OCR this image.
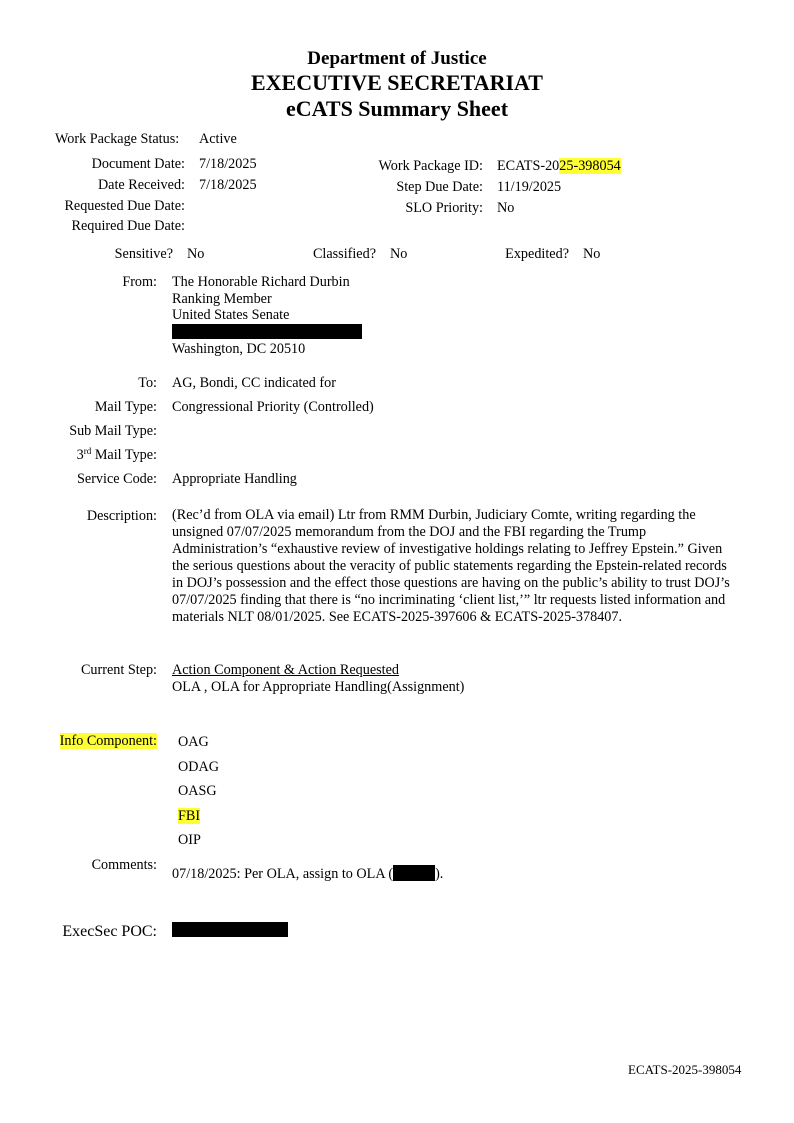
Department of Justice
EXECUTIVE SECRETARIAT
eCATS Summary Sheet
Work Package Status: Active
Document Date: 7/18/2025
Date Received: 7/18/2025
Requested Due Date:
Required Due Date:
Work Package ID: ECATS-2025-398054
Step Due Date: 11/19/2025
SLO Priority: No
Sensitive? No	Classified? No	Expedited? No
From: The Honorable Richard Durbin
Ranking Member
United States Senate
Washington, DC 20510
To: AG, Bondi, CC indicated for
Mail Type: Congressional Priority (Controlled)
Sub Mail Type:
3rd Mail Type:
Service Code: Appropriate Handling
Description: (Rec’d from OLA via email) Ltr from RMM Durbin, Judiciary Comte, writing regarding the unsigned 07/07/2025 memorandum from the DOJ and the FBI regarding the Trump Administration’s “exhaustive review of investigative holdings relating to Jeffrey Epstein.” Given the serious questions about the veracity of public statements regarding the Epstein-related records in DOJ’s possession and the effect those questions are having on the public’s ability to trust DOJ’s 07/07/2025 finding that there is “no incriminating ‘client list,’” ltr requests listed information and materials NLT 08/01/2025. See ECATS-2025-397606 & ECATS-2025-378407.
Current Step: Action Component & Action Requested
OLA , OLA for Appropriate Handling(Assignment)
Info Component: OAG
ODAG
OASG
FBI
OIP
Comments:
07/18/2025: Per OLA, assign to OLA (	).
ExecSec POC:
ECATS-2025-398054
